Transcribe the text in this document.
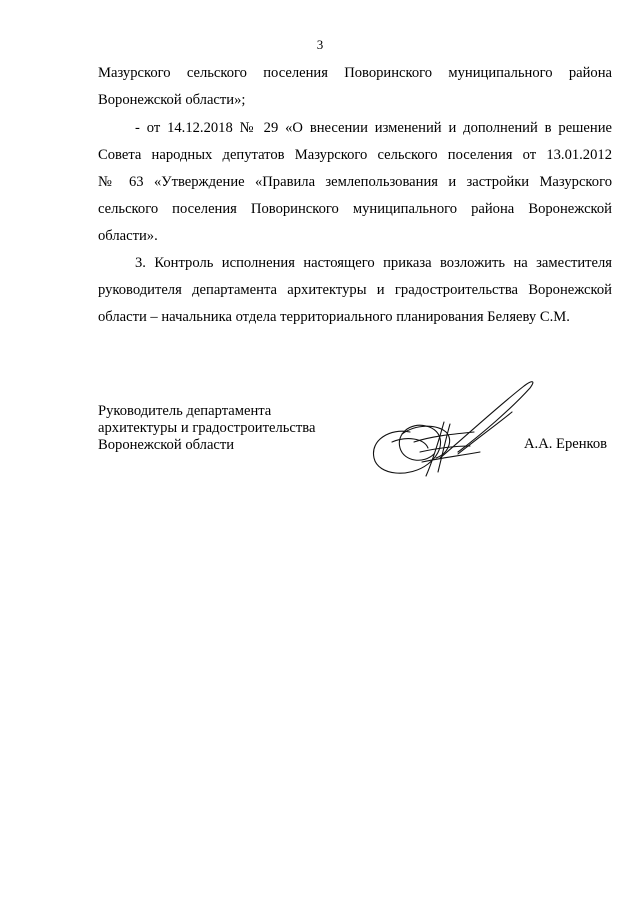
3
Мазурского сельского поселения Поворинского муниципального района
Воронежской области»;
- от 14.12.2018 № 29 «О внесении изменений и дополнений в решение
Совета народных депутатов Мазурского сельского поселения от 13.01.2012
№ 63 «Утверждение «Правила землепользования и застройки Мазурского
сельского поселения Поворинского муниципального района Воронежской
области».
3. Контроль исполнения настоящего приказа возложить на заместителя
руководителя департамента архитектуры и градостроительства Воронежской
области – начальника отдела территориального планирования Беляеву С.М.
Руководитель департамента
архитектуры и градостроительства
Воронежской области	А.А. Еренков
